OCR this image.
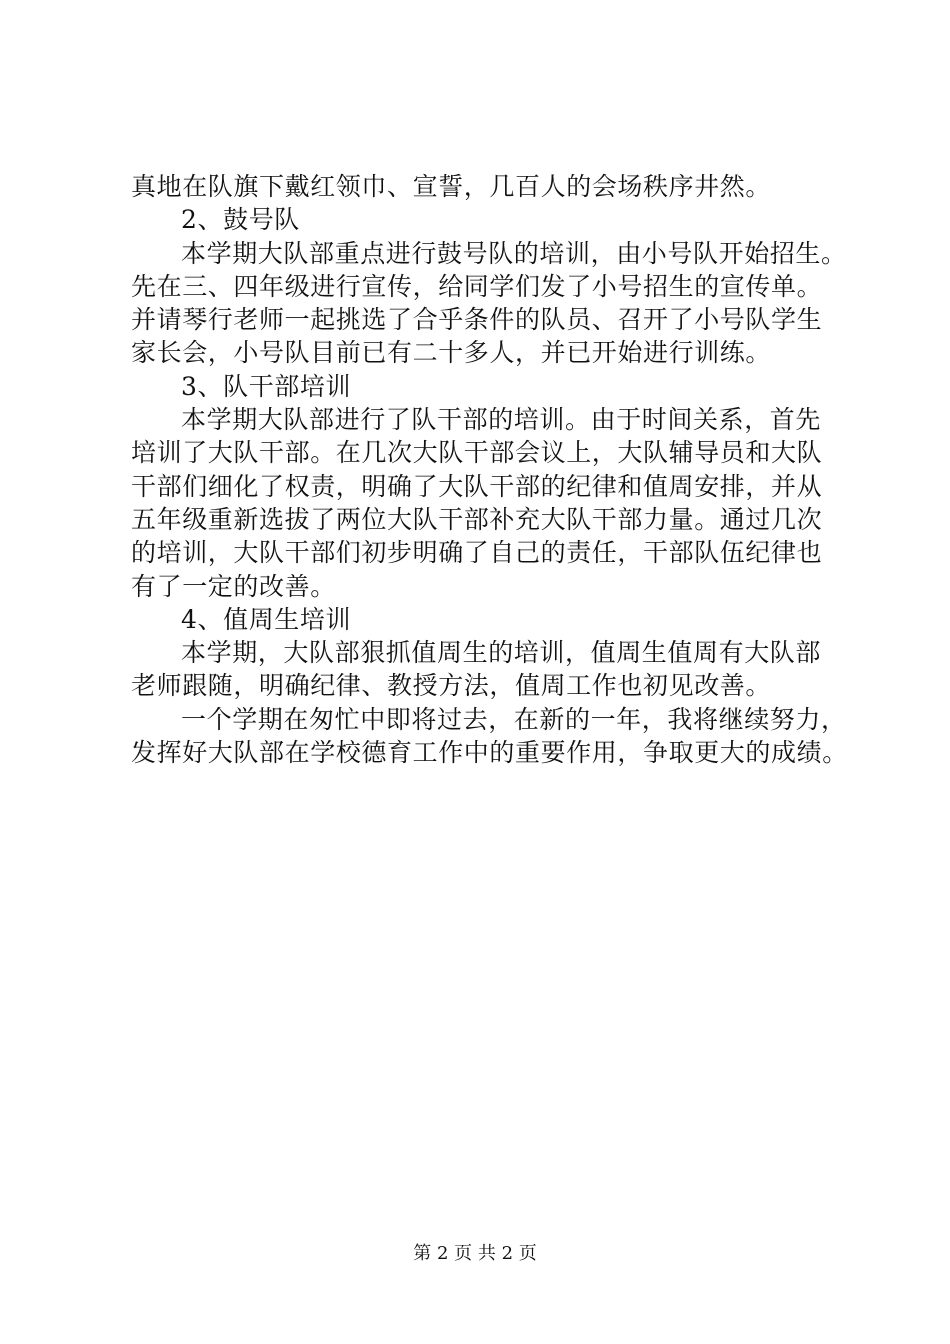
真地在队旗下戴红领巾、宣誓，几百人的会场秩序井然。
2、鼓号队
本学期大队部重点进行鼓号队的培训，由小号队开始招生。
先在三、四年级进行宣传，给同学们发了小号招生的宣传单。
并请琴行老师一起挑选了合乎条件的队员、召开了小号队学生
家长会，小号队目前已有二十多人，并已开始进行训练。
3、队干部培训
本学期大队部进行了队干部的培训。由于时间关系，首先
培训了大队干部。在几次大队干部会议上，大队辅导员和大队
干部们细化了权责，明确了大队干部的纪律和值周安排，并从
五年级重新选拔了两位大队干部补充大队干部力量。通过几次
的培训，大队干部们初步明确了自己的责任，干部队伍纪律也
有了一定的改善。
4、值周生培训
本学期，大队部狠抓值周生的培训，值周生值周有大队部
老师跟随，明确纪律、教授方法，值周工作也初见改善。
一个学期在匆忙中即将过去，在新的一年，我将继续努力，
发挥好大队部在学校德育工作中的重要作用，争取更大的成绩。
第 2 页 共 2 页
